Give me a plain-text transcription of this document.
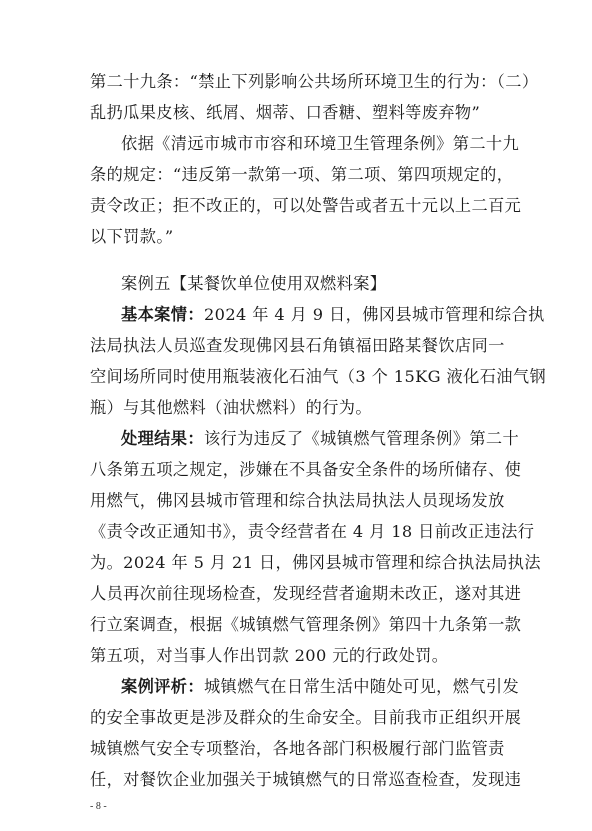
第二十九条：“禁止下列影响公共场所环境卫生的行为：（二）
乱扔瓜果皮核、纸屑、烟蒂、口香糖、塑料等废弃物”
依据《清远市城市市容和环境卫生管理条例》第二十九
条的规定：“违反第一款第一项、第二项、第四项规定的，
责令改正；拒不改正的，可以处警告或者五十元以上二百元
以下罚款。”
案例五【某餐饮单位使用双燃料案】
基本案情：2024 年 4 月 9 日，佛冈县城市管理和综合执
法局执法人员巡查发现佛冈县石角镇福田路某餐饮店同一
空间场所同时使用瓶装液化石油气（3 个 15KG 液化石油气钢
瓶）与其他燃料（油状燃料）的行为。
处理结果：该行为违反了《城镇燃气管理条例》第二十
八条第五项之规定，涉嫌在不具备安全条件的场所储存、使
用燃气，佛冈县城市管理和综合执法局执法人员现场发放
《责令改正通知书》，责令经营者在 4 月 18 日前改正违法行
为。2024 年 5 月 21 日，佛冈县城市管理和综合执法局执法
人员再次前往现场检查，发现经营者逾期未改正，遂对其进
行立案调查，根据《城镇燃气管理条例》第四十九条第一款
第五项，对当事人作出罚款 200 元的行政处罚。
案例评析：城镇燃气在日常生活中随处可见，燃气引发
的安全事故更是涉及群众的生命安全。目前我市正组织开展
城镇燃气安全专项整治，各地各部门积极履行部门监管责
任，对餐饮企业加强关于城镇燃气的日常巡查检查，发现违
- 8 -
